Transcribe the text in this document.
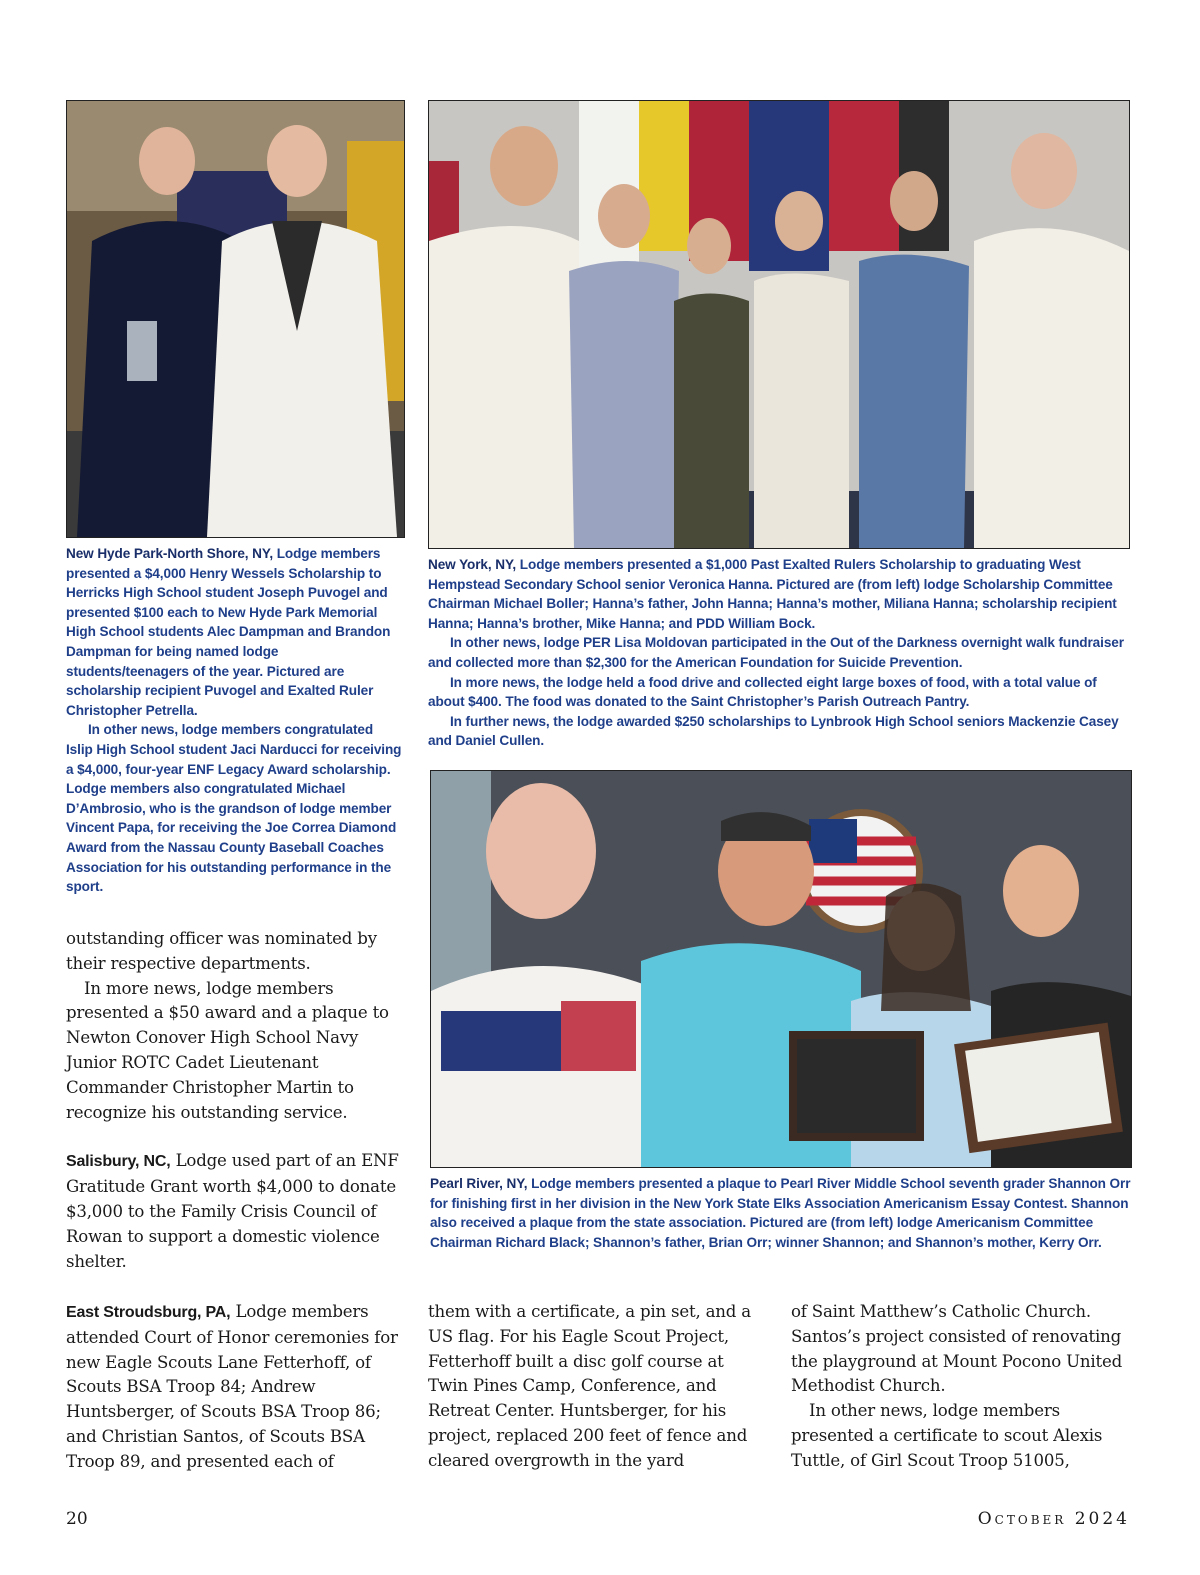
New Hyde Park-North Shore, NY, Lodge members presented a $4,000 Henry Wessels Scholarship to Herricks High School student Joseph Puvogel and presented $100 each to New Hyde Park Memorial High School students Alec Dampman and Brandon Dampman for being named lodge students/teenagers of the year. Pictured are scholarship recipient Puvogel and Exalted Ruler Christopher Petrella.

In other news, lodge members congratulated Islip High School student Jaci Narducci for receiving a $4,000, four-year ENF Legacy Award scholarship. Lodge members also congratulated Michael D’Ambrosio, who is the grandson of lodge member Vincent Papa, for receiving the Joe Correa Diamond Award from the Nassau County Baseball Coaches Association for his outstanding performance in the sport.

New York, NY, Lodge members presented a $1,000 Past Exalted Rulers Scholarship to graduating West Hempstead Secondary School senior Veronica Hanna. Pictured are (from left) lodge Scholarship Committee Chairman Michael Boller; Hanna’s father, John Hanna; Hanna’s mother, Miliana Hanna; scholarship recipient Hanna; Hanna’s brother, Mike Hanna; and PDD William Bock.

In other news, lodge PER Lisa Moldovan participated in the Out of the Darkness overnight walk fundraiser and collected more than $2,300 for the American Foundation for Suicide Prevention.

In more news, the lodge held a food drive and collected eight large boxes of food, with a total value of about $400. The food was donated to the Saint Christopher’s Parish Outreach Pantry.

In further news, the lodge awarded $250 scholarships to Lynbrook High School seniors Mackenzie Casey and Daniel Cullen.

Pearl River, NY, Lodge members presented a plaque to Pearl River Middle School seventh grader Shannon Orr for finishing first in her division in the New York State Elks Association Americanism Essay Contest. Shannon also received a plaque from the state association. Pictured are (from left) lodge Americanism Committee Chairman Richard Black; Shannon’s father, Brian Orr; winner Shannon; and Shannon’s mother, Kerry Orr.

outstanding officer was nominated by their respective departments.

In more news, lodge members presented a $50 award and a plaque to Newton Conover High School Navy Junior ROTC Cadet Lieutenant Commander Christopher Martin to recognize his outstanding service.

Salisbury, NC, Lodge used part of an ENF Gratitude Grant worth $4,000 to donate $3,000 to the Family Crisis Council of Rowan to support a domestic violence shelter.

East Stroudsburg, PA, Lodge members attended Court of Honor ceremonies for new Eagle Scouts Lane Fetterhoff, of Scouts BSA Troop 84; Andrew Huntsberger, of Scouts BSA Troop 86; and Christian Santos, of Scouts BSA Troop 89, and presented each of

them with a certificate, a pin set, and a US flag. For his Eagle Scout Project, Fetterhoff built a disc golf course at Twin Pines Camp, Conference, and Retreat Center. Huntsberger, for his project, replaced 200 feet of fence and cleared overgrowth in the yard

of Saint Matthew’s Catholic Church. Santos’s project consisted of renovating the playground at Mount Pocono United Methodist Church.

In other news, lodge members presented a certificate to scout Alexis Tuttle, of Girl Scout Troop 51005,

20	October 2024
